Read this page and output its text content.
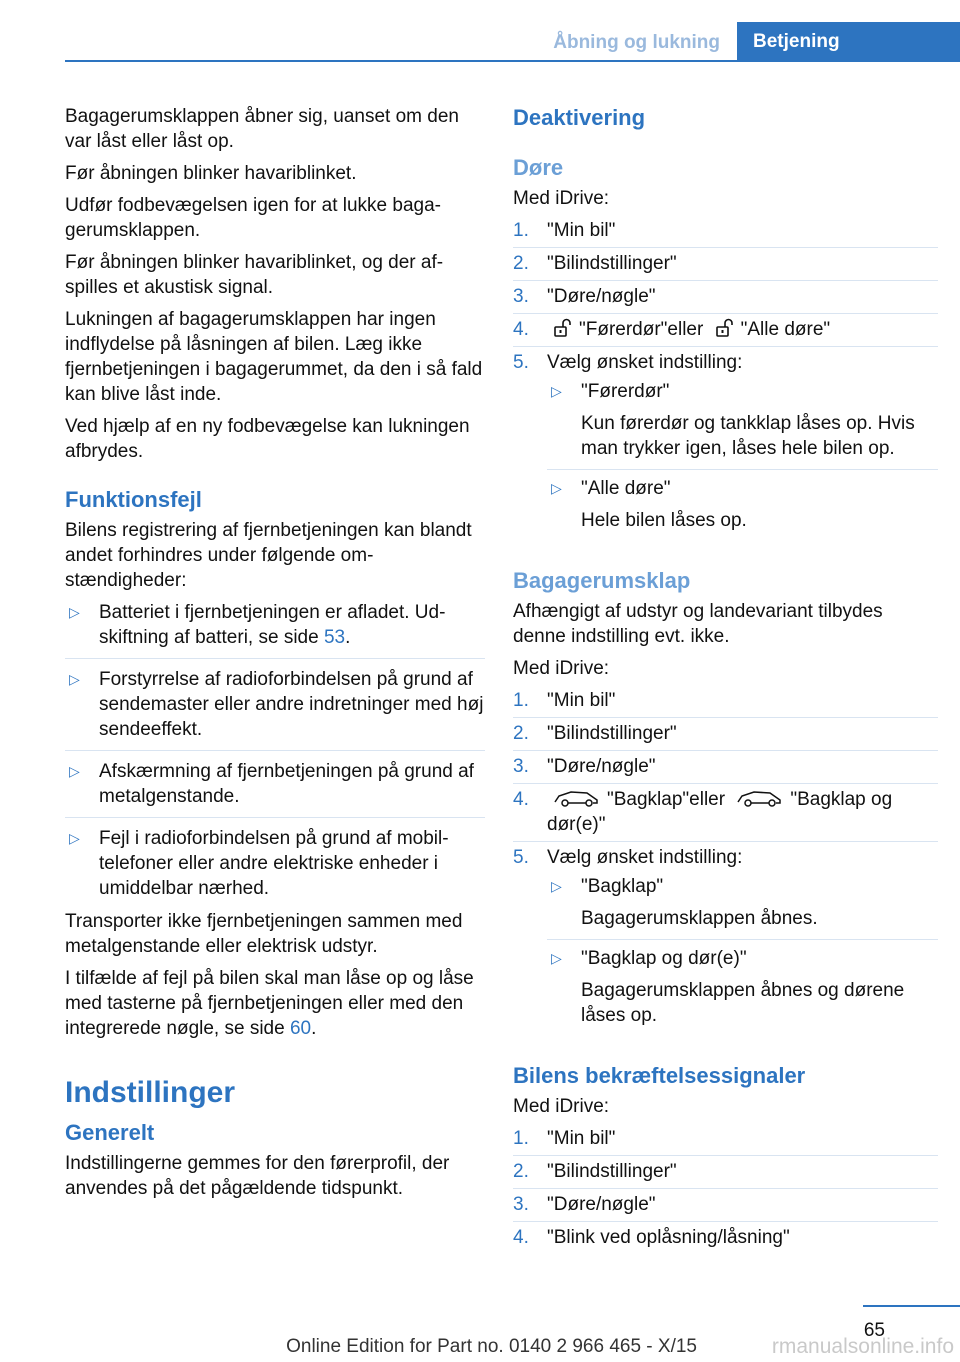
Åbning og lukning	Betjening

Bagagerumsklappen åbner sig, uanset om den var låst eller låst op.

Før åbningen blinker havariblinket.

Udfør fodbevægelsen igen for at lukke bagagerumsklappen.

Før åbningen blinker havariblinket, og der afspilles et akustisk signal.

Lukningen af bagagerumsklappen har ingen indflydelse på låsningen af bilen. Læg ikke fjernbetjeningen i bagagerummet, da den i så fald kan blive låst inde.

Ved hjælp af en ny fodbevægelse kan lukningen afbrydes.

Funktionsfejl

Bilens registrering af fjernbetjeningen kan blandt andet forhindres under følgende omstændigheder:

▷ Batteriet i fjernbetjeningen er afladet. Udskiftning af batteri, se side 53.
▷ Forstyrrelse af radioforbindelsen på grund af sendemaster eller andre indretninger med høj sendeeffekt.
▷ Afskærmning af fjernbetjeningen på grund af metalgenstande.
▷ Fejl i radioforbindelsen på grund af mobiltelefoner eller andre elektriske enheder i umiddelbar nærhed.

Transporter ikke fjernbetjeningen sammen med metalgenstande eller elektrisk udstyr.

I tilfælde af fejl på bilen skal man låse op og låse med tasterne på fjernbetjeningen eller med den integrerede nøgle, se side 60.

Indstillinger
Generelt

Indstillingerne gemmes for den førerprofil, der anvendes på det pågældende tidspunkt.

Deaktivering
Døre

Med iDrive:

1. "Min bil"
2. "Bilindstillinger"
3. "Døre/nøgle"
4.	"Førerdør"eller "Alle døre"
5. Vælg ønsket indstilling:
▷ "Førerdør"
Kun førerdør og tankklap låses op. Hvis man trykker igen, låses hele bilen op.
▷ "Alle døre"
Hele bilen låses op.
Bagagerumsklap

Afhængigt af udstyr og landevariant tilbydes denne indstilling evt. ikke.

Med iDrive:

1. "Min bil"
2. "Bilindstillinger"
3. "Døre/nøgle"
4.	"Bagklap"eller	"Bagklap og dør(e)"
5. Vælg ønsket indstilling:
▷ "Bagklap"
Bagagerumsklappen åbnes.
▷ "Bagklap og dør(e)"
Bagagerumsklappen åbnes og dørene låses op.
Bilens bekræftelsessignaler

Med iDrive:

1. "Min bil"
2. "Bilindstillinger"
3. "Døre/nøgle"
4. "Blink ved oplåsning/låsning"
65
Online Edition for Part no. 0140 2 966 465 - X/15	rmanualsonline.info
